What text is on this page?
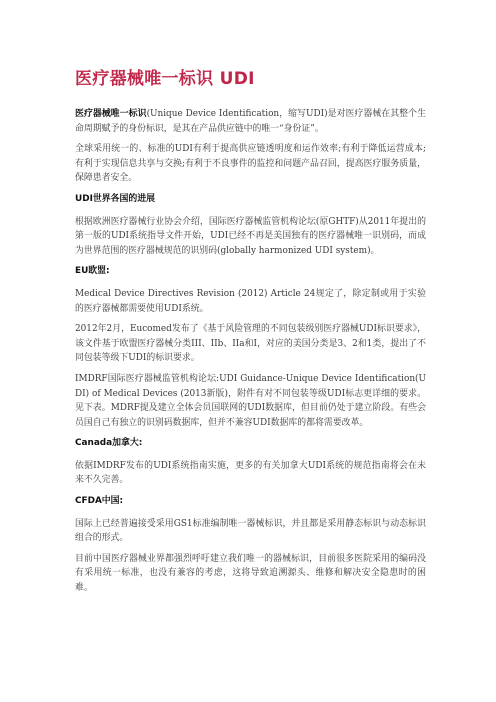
医疗器械唯一标识 UDI

医疗器械唯一标识(Unique Device Identification，缩写UDI)是对医疗器械在其整个生命周期赋予的身份标识，是其在产品供应链中的唯一“身份证”。

全球采用统一的、标准的UDI有利于提高供应链透明度和运作效率;有利于降低运营成本;有利于实现信息共享与交换;有利于不良事件的监控和问题产品召回，提高医疗服务质量，保障患者安全。

UDI世界各国的进展

根据欧洲医疗器械行业协会介绍，国际医疗器械监管机构论坛(原GHTF)从2011年提出的第一版的UDI系统指导文件开始，UDI已经不再是美国独有的医疗器械唯一识别码，而成为世界范围的医疗器械规范的识别码(globally harmonized UDI system)。

EU欧盟:

Medical Device Directives Revision (2012) Article 24规定了，除定制或用于实验的医疗器械都需要使用UDI系统。

2012年2月，Eucomed发布了《基于风险管理的不同包装级别医疗器械UDI标识要求》，该文件基于欧盟医疗器械分类III、IIb、IIa和I，对应的美国分类是3、2和1类，提出了不同包装等级下UDI的标识要求。

IMDRF国际医疗器械监管机构论坛:UDI Guidance-Unique Device Identification(UDI) of Medical Devices (2013新版)，附件有对不同包装等级UDI标志更详细的要求。见下表。MDRF提及建立全体会员国联网的UDI数据库，但目前仍处于建立阶段。有些会员国自己有独立的识别码数据库，但并不兼容UDI数据库的都将需要改革。

Canada加拿大:

依据IMDRF发布的UDI系统指南实施，更多的有关加拿大UDI系统的规范指南将会在未来不久完善。

CFDA中国:

国际上已经普遍接受采用GS1标准编制唯一器械标识，并且都是采用静态标识与动态标识组合的形式。

目前中国医疗器械业界都强烈呼吁建立我们唯一的器械标识，目前很多医院采用的编码没有采用统一标准，也没有兼容的考虑，这将导致追溯源头、维修和解决安全隐患时的困难。
